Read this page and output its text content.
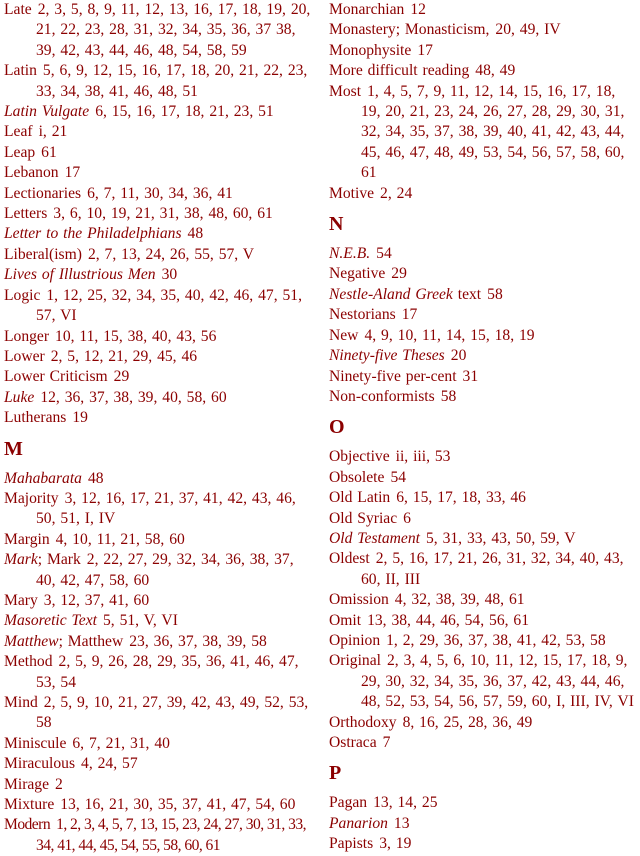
Late 2, 3, 5, 8, 9, 11, 12, 13, 16, 17, 18, 19, 20, 21, 22, 23, 28, 31, 32, 34, 35, 36, 37 38, 39, 42, 43, 44, 46, 48, 54, 58, 59
Latin 5, 6, 9, 12, 15, 16, 17, 18, 20, 21, 22, 23, 33, 34, 38, 41, 46, 48, 51
Latin Vulgate 6, 15, 16, 17, 18, 21, 23, 51
Leaf i, 21
Leap 61
Lebanon 17
Lectionaries 6, 7, 11, 30, 34, 36, 41
Letters 3, 6, 10, 19, 21, 31, 38, 48, 60, 61
Letter to the Philadelphians 48
Liberal(ism) 2, 7, 13, 24, 26, 55, 57, V
Lives of Illustrious Men 30
Logic 1, 12, 25, 32, 34, 35, 40, 42, 46, 47, 51, 57, VI
Longer 10, 11, 15, 38, 40, 43, 56
Lower 2, 5, 12, 21, 29, 45, 46
Lower Criticism 29
Luke 12, 36, 37, 38, 39, 40, 58, 60
Lutherans 19
M
Mahabarata 48
Majority 3, 12, 16, 17, 21, 37, 41, 42, 43, 46, 50, 51, I, IV
Margin 4, 10, 11, 21, 58, 60
Mark; Mark 2, 22, 27, 29, 32, 34, 36, 38, 37, 40, 42, 47, 58, 60
Mary 3, 12, 37, 41, 60
Masoretic Text 5, 51, V, VI
Matthew; Matthew 23, 36, 37, 38, 39, 58
Method 2, 5, 9, 26, 28, 29, 35, 36, 41, 46, 47, 53, 54
Mind 2, 5, 9, 10, 21, 27, 39, 42, 43, 49, 52, 53, 58
Miniscule 6, 7, 21, 31, 40
Miraculous 4, 24, 57
Mirage 2
Mixture 13, 16, 21, 30, 35, 37, 41, 47, 54, 60
Modern 1, 2, 3, 4, 5, 7, 13, 15, 23, 24, 27, 30, 31, 33, 34, 41, 44, 45, 54, 55, 58, 60, 61
Monarchian 12
Monastery; Monasticism, 20, 49, IV
Monophysite 17
More difficult reading 48, 49
Most 1, 4, 5, 7, 9, 11, 12, 14, 15, 16, 17, 18, 19, 20, 21, 23, 24, 26, 27, 28, 29, 30, 31, 32, 34, 35, 37, 38, 39, 40, 41, 42, 43, 44, 45, 46, 47, 48, 49, 53, 54, 56, 57, 58, 60, 61
Motive 2, 24
N
N.E.B. 54
Negative 29
Nestle-Aland Greek text 58
Nestorians 17
New 4, 9, 10, 11, 14, 15, 18, 19
Ninety-five Theses 20
Ninety-five per-cent 31
Non-conformists 58
O
Objective ii, iii, 53
Obsolete 54
Old Latin 6, 15, 17, 18, 33, 46
Old Syriac 6
Old Testament 5, 31, 33, 43, 50, 59, V
Oldest 2, 5, 16, 17, 21, 26, 31, 32, 34, 40, 43, 60, II, III
Omission 4, 32, 38, 39, 48, 61
Omit 13, 38, 44, 46, 54, 56, 61
Opinion 1, 2, 29, 36, 37, 38, 41, 42, 53, 58
Original 2, 3, 4, 5, 6, 10, 11, 12, 15, 17, 18, 9, 29, 30, 32, 34, 35, 36, 37, 42, 43, 44, 46, 48, 52, 53, 54, 56, 57, 59, 60, I, III, IV, VI
Orthodoxy 8, 16, 25, 28, 36, 49
Ostraca 7
P
Pagan 13, 14, 25
Panarion 13
Papists 3, 19
